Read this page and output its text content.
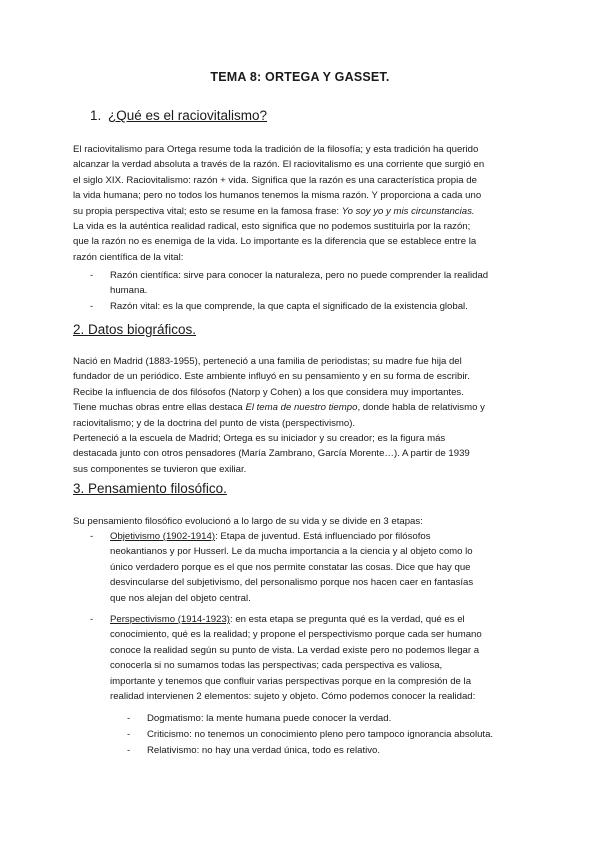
TEMA 8: ORTEGA Y GASSET.
1. ¿Qué es el raciovitalismo?

El raciovitalismo para Ortega resume toda la tradición de la filosofía; y esta tradición ha querido
alcanzar la verdad absoluta a través de la razón. El raciovitalismo es una corriente que surgió en
el siglo XIX. Raciovitalismo: razón + vida. Significa que la razón es una característica propia de
la vida humana; pero no todos los humanos tenemos la misma razón. Y proporciona a cada uno
su propia perspectiva vital; esto se resume en la famosa frase: Yo soy yo y mis circunstancias.
La vida es la auténtica realidad radical, esto significa que no podemos sustituirla por la razón;
que la razón no es enemiga de la vida. Lo importante es la diferencia que se establece entre la
razón científica de la vital:

- Razón científica: sirve para conocer la naturaleza, pero no puede comprender la realidad
humana.
- Razón vital: es la que comprende, la que capta el significado de la existencia global.
2. Datos biográficos.

Nació en Madrid (1883-1955), perteneció a una familia de periodistas; su madre fue hija del
fundador de un periódico. Este ambiente influyó en su pensamiento y en su forma de escribir.
Recibe la influencia de dos filósofos (Natorp y Cohen) a los que considera muy importantes.
Tiene muchas obras entre ellas destaca El tema de nuestro tiempo, donde habla de relativismo y
raciovitalismo; y de la doctrina del punto de vista (perspectivismo).
Perteneció a la escuela de Madrid; Ortega es su iniciador y su creador; es la figura más
destacada junto con otros pensadores (María Zambrano, García Morente…). A partir de 1939
sus componentes se tuvieron que exiliar.

3. Pensamiento filosófico.
Su pensamiento filosófico evolucionó a lo largo de su vida y se divide en 3 etapas:
- Objetivismo (1902-1914): Etapa de juventud. Está influenciado por filósofos
neokantianos y por Husserl. Le da mucha importancia a la ciencia y al objeto como lo
único verdadero porque es el que nos permite constatar las cosas. Dice que hay que
desvincularse del subjetivismo, del personalismo porque nos hacen caer en fantasías
que nos alejan del objeto central.
- Perspectivismo (1914-1923): en esta etapa se pregunta qué es la verdad, qué es el
conocimiento, qué es la realidad; y propone el perspectivismo porque cada ser humano
conoce la realidad según su punto de vista. La verdad existe pero no podemos llegar a
conocerla si no sumamos todas las perspectivas; cada perspectiva es valiosa,
importante y tenemos que confluir varias perspectivas porque en la compresión de la
realidad intervienen 2 elementos: sujeto y objeto. Cómo podemos conocer la realidad:
- Dogmatismo: la mente humana puede conocer la verdad.
- Criticismo: no tenemos un conocimiento pleno pero tampoco ignorancia absoluta.
- Relativismo: no hay una verdad única, todo es relativo.
